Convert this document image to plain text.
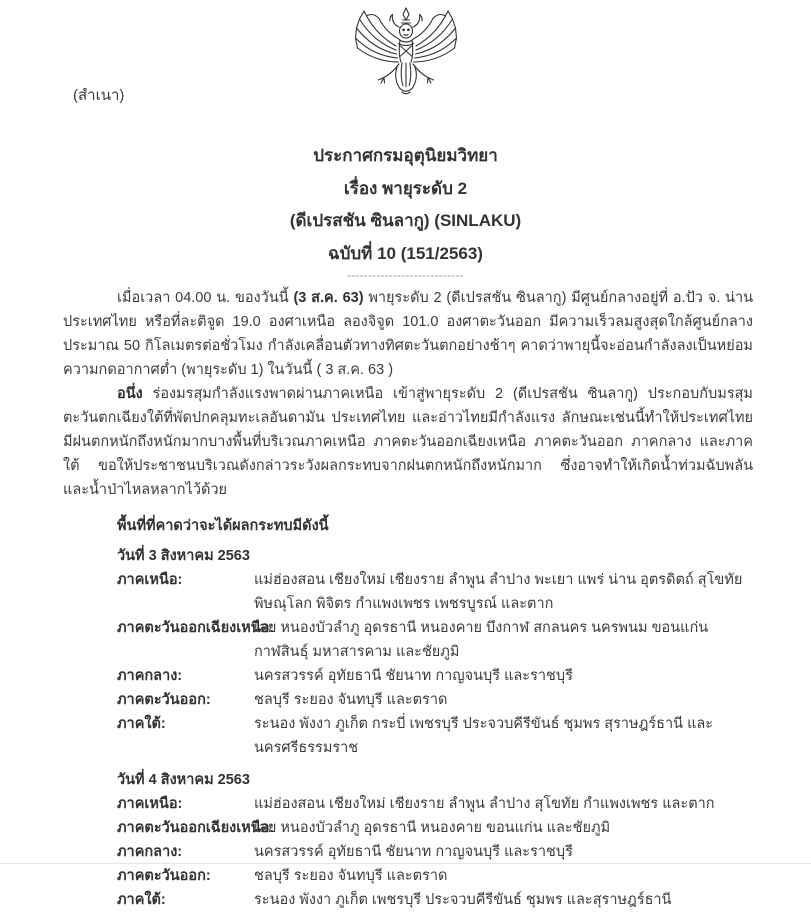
(สำเนา)
ประกาศกรมอุตุนิยมวิทยา
เรื่อง พายุระดับ 2
(ดีเปรสชัน ซินลากู) (SINLAKU)
ฉบับที่ 10 (151/2563)
----------------------------

เมื่อเวลา 04.00 น. ของวันนี้ (3 ส.ค. 63) พายุระดับ 2 (ดีเปรสชัน ซินลากู) มีศูนย์กลางอยู่ที่ อ.ปัว จ. น่าน ประเทศไทย หรือที่ละติจูด 19.0 องศาเหนือ ลองจิจูด 101.0 องศาตะวันออก มีความเร็วลมสูงสุดใกล้ศูนย์กลางประมาณ 50 กิโลเมตรต่อชั่วโมง กำลังเคลื่อนตัวทางทิศตะวันตกอย่างช้าๆ คาดว่าพายุนี้จะอ่อนกำลังลงเป็นหย่อมความกดอากาศต่ำ (พายุระดับ 1) ในวันนี้ ( 3 ส.ค. 63 )

อนึ่ง ร่องมรสุมกำลังแรงพาดผ่านภาคเหนือ เข้าสู่พายุระดับ 2 (ดีเปรสชัน ซินลากู) ประกอบกับมรสุมตะวันตกเฉียงใต้ที่พัดปกคลุมทะเลอันดามัน ประเทศไทย และอ่าวไทยมีกำลังแรง ลักษณะเช่นนี้ทำให้ประเทศไทยมีฝนตกหนักถึงหนักมากบางพื้นที่บริเวณภาคเหนือ ภาคตะวันออกเฉียงเหนือ ภาคตะวันออก ภาคกลาง และภาคใต้ ขอให้ประชาชนบริเวณดังกล่าวระวังผลกระทบจากฝนตกหนักถึงหนักมาก ซึ่งอาจทำให้เกิดน้ำท่วมฉับพลัน และน้ำป่าไหลหลากไว้ด้วย

พื้นที่ที่คาดว่าจะได้ผลกระทบมีดังนี้
วันที่ 3 สิงหาคม 2563
ภาคเหนือ:	แม่ฮ่องสอน เชียงใหม่ เชียงราย ลำพูน ลำปาง พะเยา แพร่ น่าน อุตรดิตถ์ สุโขทัย พิษณุโลก พิจิตร กำแพงเพชร เพชรบูรณ์ และตาก
ภาคตะวันออกเฉียงเหนือ:
เลย หนองบัวลำภู อุดรธานี หนองคาย บึงกาฬ สกลนคร นครพนม ขอนแก่น กาฬสินธุ์ มหาสารคาม และชัยภูมิ
ภาคกลาง:	นครสวรรค์ อุทัยธานี ชัยนาท กาญจนบุรี และราชบุรี
ภาคตะวันออก:	ชลบุรี ระยอง จันทบุรี และตราด
ภาคใต้:	ระนอง พังงา ภูเก็ต กระบี่ เพชรบุรี ประจวบคีรีขันธ์ ชุมพร สุราษฎร์ธานี และนครศรีธรรมราช
วันที่ 4 สิงหาคม 2563
ภาคเหนือ:	แม่ฮ่องสอน เชียงใหม่ เชียงราย ลำพูน ลำปาง สุโขทัย กำแพงเพชร และตาก
ภาคตะวันออกเฉียงเหนือ:
เลย หนองบัวลำภู อุดรธานี หนองคาย ขอนแก่น และชัยภูมิ
ภาคกลาง:	นครสวรรค์ อุทัยธานี ชัยนาท กาญจนบุรี และราชบุรี
ภาคตะวันออก:	ชลบุรี ระยอง จันทบุรี และตราด
ภาคใต้:	ระนอง พังงา ภูเก็ต เพชรบุรี ประจวบคีรีขันธ์ ชุมพร และสุราษฎร์ธานี
